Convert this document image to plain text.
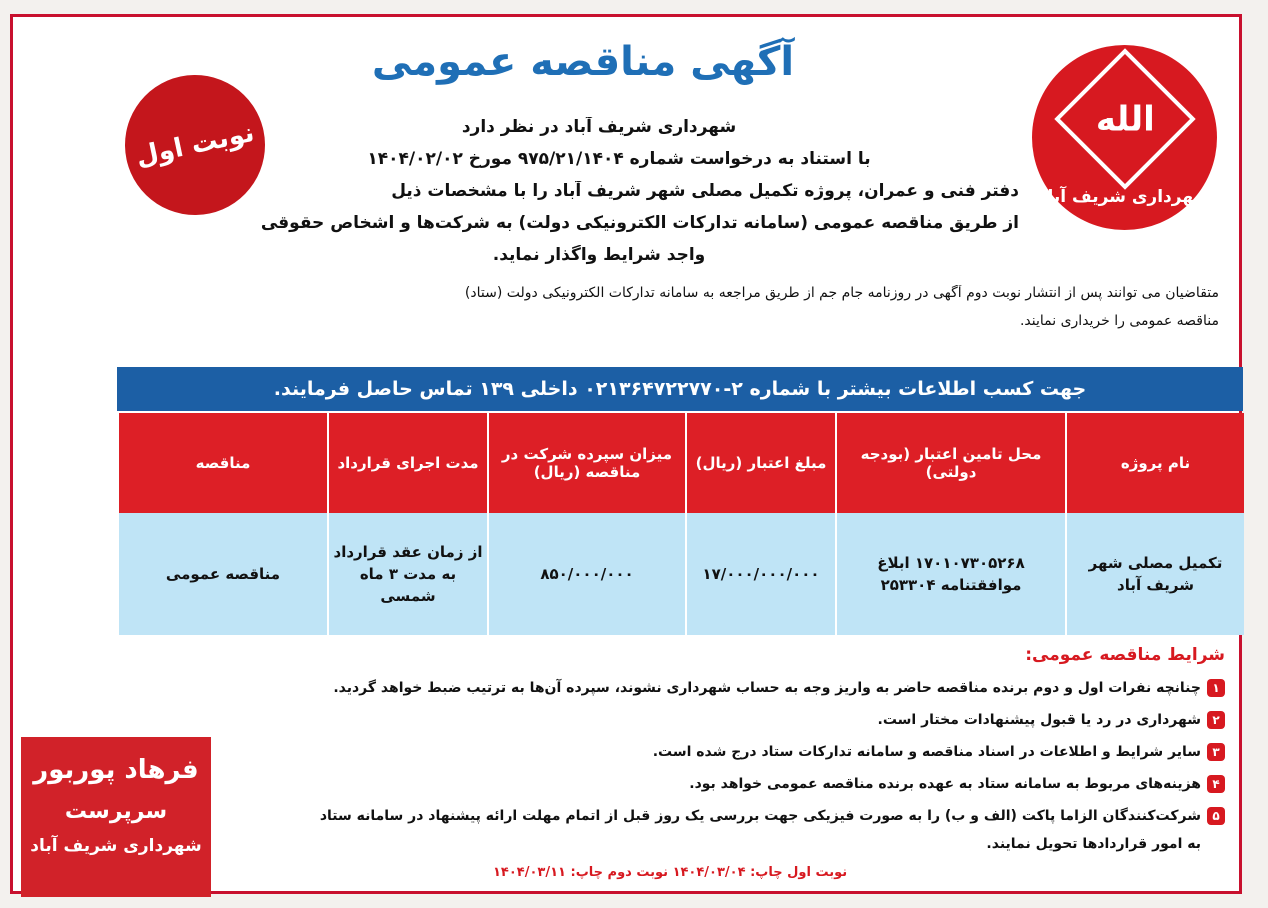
الله
شهرداری شریف آباد
نوبت اول
آگهی مناقصه عمومی
شهرداری شریف آباد در نظر دارد
با استناد به درخواست شماره ۹۷۵/۲۱/۱۴۰۴ مورخ ۱۴۰۴/۰۲/۰۲
دفتر فنی و عمران، پروژه تکمیل مصلی شهر شریف آباد را با مشخصات ذیل
از طریق مناقصه عمومی (سامانه تدارکات الکترونیکی دولت) به شرکت‌ها و اشخاص حقوقی
واجد شرایط واگذار نماید.
متقاضیان می توانند پس از انتشار نوبت دوم آگهی در روزنامه جام جم از طریق مراجعه به سامانه تدارکات الکترونیکی دولت (ستاد)
مناقصه عمومی را خریداری نمایند.
جهت کسب اطلاعات بیشتر با شماره ۲-۰۲۱۳۶۴۷۲۲۷۷۰ داخلی ۱۳۹ تماس حاصل فرمایند.
نام پروژه	محل تامین اعتبار (بودجه دولتی)	مبلغ اعتبار (ریال)	میزان سپرده شرکت در مناقصه (ریال)	مدت اجرای قرارداد	مناقصه
تکمیل مصلی شهر شریف آباد	۱۷۰۱۰۷۳۰۵۲۶۸ ابلاغ موافقتنامه ۲۵۳۳۰۴	۱۷/۰۰۰/۰۰۰/۰۰۰	۸۵۰/۰۰۰/۰۰۰	از زمان عقد قرارداد به مدت ۳ ماه شمسی	مناقصه عمومی
شرایط مناقصه عمومی:
۱
چنانچه نفرات اول و دوم برنده مناقصه حاضر به واریز وجه به حساب شهرداری نشوند، سپرده آن‌ها به ترتیب ضبط خواهد گردید.
۲
شهرداری در رد یا قبول پیشنهادات مختار است.
۳
سایر شرایط و اطلاعات در اسناد مناقصه و سامانه تدارکات ستاد درج شده است.
۴
هزینه‌های مربوط به سامانه ستاد به عهده برنده مناقصه عمومی خواهد بود.
۵
شرکت‌کنندگان الزاما پاکت (الف و ب) را به صورت فیزیکی جهت بررسی یک روز قبل از اتمام مهلت ارائه پیشنهاد در سامانه ستاد به امور قراردادها تحویل نمایند.
فرهاد پوربور
سرپرست
شهرداری شریف آباد
نوبت اول چاپ: ۱۴۰۴/۰۳/۰۴ نوبت دوم چاپ: ۱۴۰۴/۰۳/۱۱
